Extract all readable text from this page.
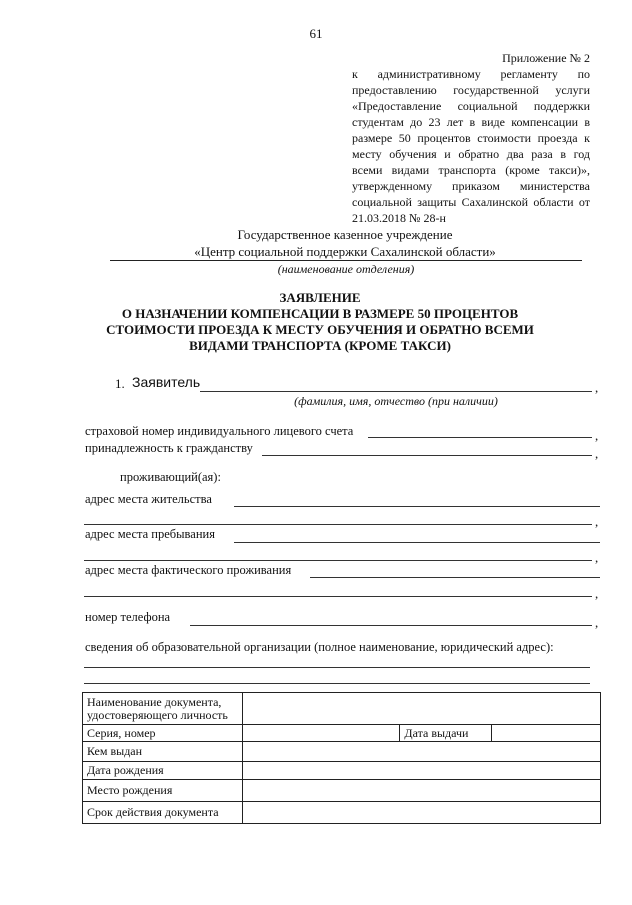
61
Приложение № 2
к административному регламенту по предоставлению государственной услуги «Предоставление социальной поддержки студентам до 23 лет в виде компенсации в размере 50 процентов стоимости проезда к месту обучения и обратно два раза в год всеми видами транспорта (кроме такси)», утвержденному приказом министерства социальной защиты Сахалинской области от 21.03.2018 № 28-н
Государственное казенное учреждение
«Центр социальной поддержки Сахалинской области»
(наименование отделения)
ЗАЯВЛЕНИЕ
О НАЗНАЧЕНИИ КОМПЕНСАЦИИ В РАЗМЕРЕ 50 ПРОЦЕНТОВ
СТОИМОСТИ ПРОЕЗДА К МЕСТУ ОБУЧЕНИЯ И ОБРАТНО ВСЕМИ
ВИДАМИ ТРАНСПОРТА (КРОМЕ ТАКСИ)
1. Заявитель	,
(фамилия, имя, отчество (при наличии)
страховой номер индивидуального лицевого счета	,
принадлежность к гражданству	,
проживающий(ая):
адрес места жительства
,
адрес места пребывания
,
адрес места фактического проживания
,
номер телефона	,
сведения об образовательной организации (полное наименование, юридический адрес):
Наименование документа, удостоверяющего личность			
Серия, номер		Дата выдачи	
Кем выдан			
Дата рождения			
Место рождения			
Срок действия документа			
